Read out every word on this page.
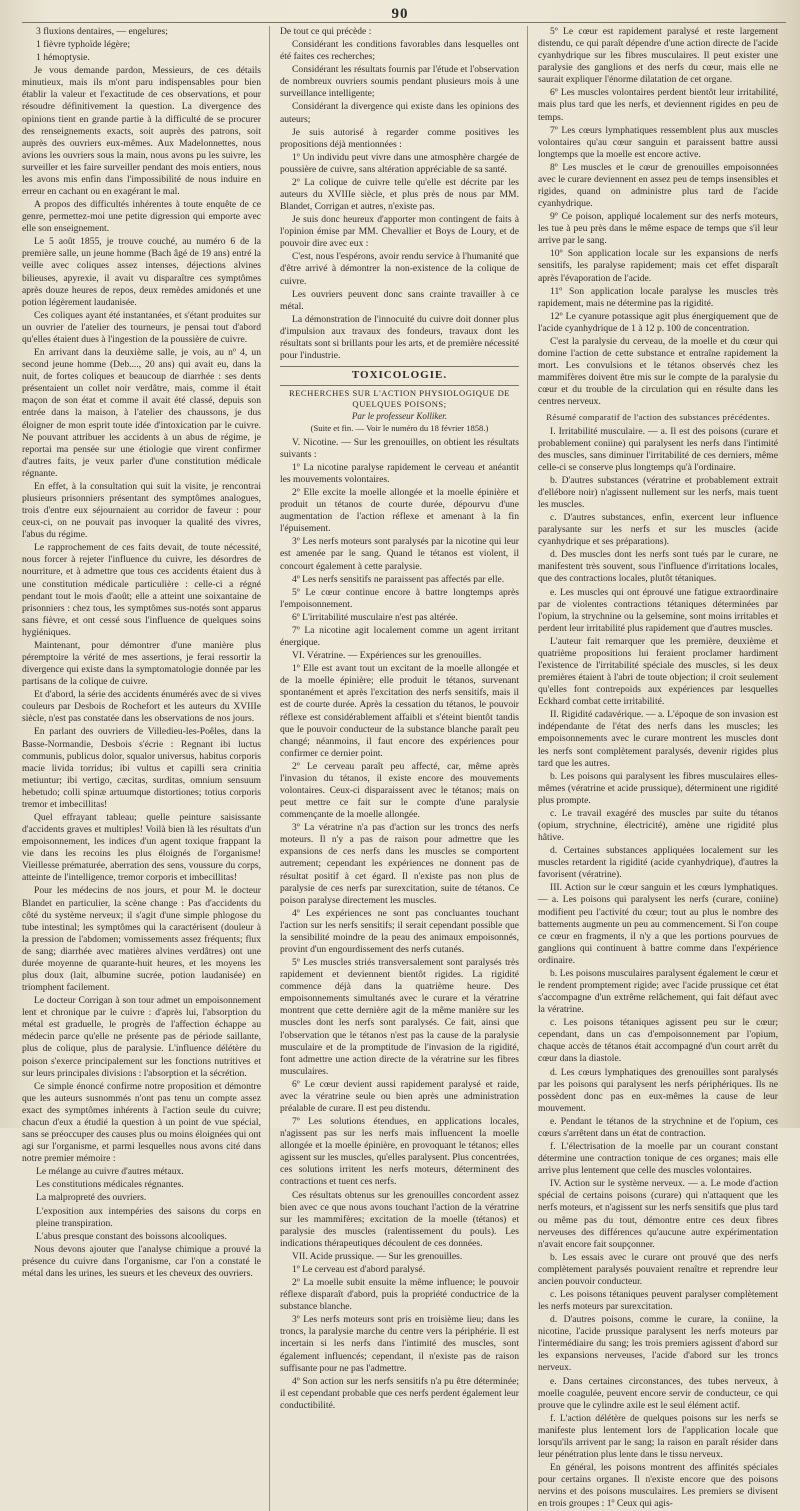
90

3 fluxions dentaires, — engelures;

1 fièvre typhoïde légère;

1 hémoptysie.

Je vous demande pardon, Messieurs, de ces détails minutieux, mais ils m'ont paru indispensables pour bien établir la valeur et l'exactitude de ces observations, et pour résoudre définitivement la question. La divergence des opinions tient en grande partie à la difficulté de se procurer des renseignements exacts, soit auprès des patrons, soit auprès des ouvriers eux-mêmes. Aux Madelonnettes, nous avions les ouvriers sous la main, nous avons pu les suivre, les surveiller et les faire surveiller pendant des mois entiers, nous les avons mis enfin dans l'impossibilité de nous induire en erreur en cachant ou en exagérant le mal.

A propos des difficultés inhérentes à toute enquête de ce genre, permettez-moi une petite digression qui emporte avec elle son enseignement.

Le 5 août 1855, je trouve couché, au numéro 6 de la première salle, un jeune homme (Bach âgé de 19 ans) entré la veille avec coliques assez intenses, déjections alvines bilieuses, apyrexie, il avait vu disparaître ces symptômes après douze heures de repos, deux remèdes amidonés et une potion légèrement laudanisée.

Ces coliques ayant été instantanées, et s'étant produites sur un ouvrier de l'atelier des tourneurs, je pensai tout d'abord qu'elles étaient dues à l'ingestion de la poussière de cuivre.

En arrivant dans la deuxième salle, je vois, au nº 4, un second jeune homme (Deb...., 20 ans) qui avait eu, dans la nuit, de fortes coliques et beaucoup de diarrhée : ses dents présentaient un collet noir verdâtre, mais, comme il était maçon de son état et comme il avait été classé, depuis son entrée dans la maison, à l'atelier des chaussons, je dus éloigner de mon esprit toute idée d'intoxication par le cuivre. Ne pouvant attribuer les accidents à un abus de régime, je reportai ma pensée sur une étiologie que virent confirmer d'autres faits, je veux parler d'une constitution médicale régnante.

En effet, à la consultation qui suit la visite, je rencontrai plusieurs prisonniers présentant des symptômes analogues, trois d'entre eux séjournaient au corridor de faveur : pour ceux-ci, on ne pouvait pas invoquer la qualité des vivres, l'abus du régime.

Le rapprochement de ces faits devait, de toute nécessité, nous forcer à rejeter l'influence du cuivre, les désordres de nourriture, et à admettre que tous ces accidents étaient dus à une constitution médicale particulière : celle-ci a régné pendant tout le mois d'août; elle a atteint une soixantaine de prisonniers : chez tous, les symptômes sus-notés sont apparus sans fièvre, et ont cessé sous l'influence de quelques soins hygiéniques.

Maintenant, pour démontrer d'une manière plus péremptoire la vérité de mes assertions, je ferai ressortir la divergence qui existe dans la symptomatologie donnée par les partisans de la colique de cuivre.

Et d'abord, la série des accidents énumérés avec de si vives couleurs par Desbois de Rochefort et les auteurs du XVIIIe siècle, n'est pas constatée dans les observations de nos jours.

En parlant des ouvriers de Villedieu-les-Poêles, dans la Basse-Normandie, Desbois s'écrie : Regnant ibi luctus communis, publicus dolor, squalor universus, habitus corporis macie livida torridus; ibi vultus et capilli sera crinitia metiuntur; ibi vertigo, cæcitas, surditas, omnium sensuum hebetudo; colli spinæ artuumque distortiones; totius corporis tremor et imbecillitas!

Quel effrayant tableau; quelle peinture saisissante d'accidents graves et multiples! Voilà bien là les résultats d'un empoisonnement, les indices d'un agent toxique frappant la vie dans les recoins les plus éloignés de l'organisme! Vieillesse prématurée, aberration des sens, voussure du corps, atteinte de l'intelligence, tremor corporis et imbecillitas!

Pour les médecins de nos jours, et pour M. le docteur Blandet en particulier, la scène change : Pas d'accidents du côté du système nerveux; il s'agit d'une simple phlogose du tube intestinal; les symptômes qui la caractérisent (douleur à la pression de l'abdomen; vomissements assez fréquents; flux de sang; diarrhée avec matières alvines verdâtres) ont une durée moyenne de quarante-huit heures, et les moyens les plus doux (lait, albumine sucrée, potion laudanisée) en triomphent facilement.

Le docteur Corrigan à son tour admet un empoisonnement lent et chronique par le cuivre : d'après lui, l'absorption du métal est graduelle, le progrès de l'affection échappe au médecin parce qu'elle ne présente pas de période saillante, plus de colique, plus de paralysie. L'influence délétère du poison s'exerce principalement sur les fonctions nutritives et sur leurs principales divisions : l'absorption et la sécrétion.

Ce simple énoncé confirme notre proposition et démontre que les auteurs susnommés n'ont pas tenu un compte assez exact des symptômes inhérents à l'action seule du cuivre; chacun d'eux a étudié la question à un point de vue spécial, sans se préoccuper des causes plus ou moins éloignées qui ont agi sur l'organisme, et parmi lesquelles nous avons cité dans notre premier mémoire :

Le mélange au cuivre d'autres métaux.

Les constitutions médicales régnantes.

La malpropreté des ouvriers.

L'exposition aux intempéries des saisons du corps en pleine transpiration.

L'abus presque constant des boissons alcooliques.

Nous devons ajouter que l'analyse chimique a prouvé la présence du cuivre dans l'organisme, car l'on a constaté le métal dans les urines, les sueurs et les cheveux des ouvriers.

De tout ce qui précède :

Considérant les conditions favorables dans lesquelles ont été faites ces recherches;

Considérant les résultats fournis par l'étude et l'observation de nombreux ouvriers soumis pendant plusieurs mois à une surveillance intelligente;

Considérant la divergence qui existe dans les opinions des auteurs;

Je suis autorisé à regarder comme positives les propositions déjà mentionnées :

1º Un individu peut vivre dans une atmosphère chargée de poussière de cuivre, sans altération appréciable de sa santé.

2º La colique de cuivre telle qu'elle est décrite par les auteurs du XVIIIe siècle, et plus près de nous par MM. Blandet, Corrigan et autres, n'existe pas.

Je suis donc heureux d'apporter mon contingent de faits à l'opinion émise par MM. Chevallier et Boys de Loury, et de pouvoir dire avec eux :

C'est, nous l'espérons, avoir rendu service à l'humanité que d'être arrivé à démontrer la non-existence de la colique de cuivre.

Les ouvriers peuvent donc sans crainte travailler à ce métal.

La démonstration de l'innocuité du cuivre doit donner plus d'impulsion aux travaux des fondeurs, travaux dont les résultats sont si brillants pour les arts, et de première nécessité pour l'industrie.

TOXICOLOGIE.
RECHERCHES SUR L'ACTION PHYSIOLOGIQUE DE QUELQUES POISONS;
Par le professeur Kolliker.
(Suite et fin. — Voir le numéro du 18 février 1858.)

V. Nicotine. — Sur les grenouilles, on obtient les résultats suivants :

1º La nicotine paralyse rapidement le cerveau et anéantit les mouvements volontaires.

2º Elle excite la moelle allongée et la moelle épinière et produit un tétanos de courte durée, dépourvu d'une augmentation de l'action réflexe et amenant à la fin l'épuisement.

3º Les nerfs moteurs sont paralysés par la nicotine qui leur est amenée par le sang. Quand le tétanos est violent, il concourt également à cette paralysie.

4º Les nerfs sensitifs ne paraissent pas affectés par elle.

5º Le cœur continue encore à battre longtemps après l'empoisonnement.

6º L'irritabilité musculaire n'est pas altérée.

7º La nicotine agit localement comme un agent irritant énergique.

VI. Vératrine. — Expériences sur les grenouilles.

1º Elle est avant tout un excitant de la moelle allongée et de la moelle épinière; elle produit le tétanos, survenant spontanément et après l'excitation des nerfs sensitifs, mais il est de courte durée. Après la cessation du tétanos, le pouvoir réflexe est considérablement affaibli et s'éteint bientôt tandis que le pouvoir conducteur de la substance blanche paraît peu changé; néanmoins, il faut encore des expériences pour confirmer ce dernier point.

2º Le cerveau paraît peu affecté, car, même après l'invasion du tétanos, il existe encore des mouvements volontaires. Ceux-ci disparaissent avec le tétanos; mais on peut mettre ce fait sur le compte d'une paralysie commençante de la moelle allongée.

3º La vératrine n'a pas d'action sur les troncs des nerfs moteurs. Il n'y a pas de raison pour admettre que les expansions de ces nerfs dans les muscles se comportent autrement; cependant les expériences ne donnent pas de résultat positif à cet égard. Il n'existe pas non plus de paralysie de ces nerfs par surexcitation, suite de tétanos. Ce poison paralyse directement les muscles.

4º Les expériences ne sont pas concluantes touchant l'action sur les nerfs sensitifs; il serait cependant possible que la sensibilité moindre de la peau des animaux empoisonnés, provint d'un engourdissement des nerfs cutanés.

5º Les muscles striés transversalement sont paralysés très rapidement et deviennent bientôt rigides. La rigidité commence déjà dans la quatrième heure. Des empoisonnements simultanés avec le curare et la vératrine montrent que cette dernière agit de la même manière sur les muscles dont les nerfs sont paralysés. Ce fait, ainsi que l'observation que le tétanos n'est pas la cause de la paralysie musculaire et de la promptitude de l'invasion de la rigidité, font admettre une action directe de la vératrine sur les fibres musculaires.

6º Le cœur devient aussi rapidement paralysé et raide, avec la vératrine seule ou bien après une administration préalable de curare. Il est peu distendu.

7º Les solutions étendues, en applications locales, n'agissent pas sur les nerfs mais influencent la moelle allongée et la moelle épinière, en provoquant le tétanos; elles agissent sur les muscles, qu'elles paralysent. Plus concentrées, ces solutions irritent les nerfs moteurs, déterminent des contractions et tuent ces nerfs.

Ces résultats obtenus sur les grenouilles concordent assez bien avec ce que nous avons touchant l'action de la vératrine sur les mammifères; excitation de la moelle (tétanos) et paralysie des muscles (ralentissement du pouls). Les indications thérapeutiques découlent de ces données.

VII. Acide prussique. — Sur les grenouilles.

1º Le cerveau est d'abord paralysé.

2º La moelle subit ensuite la même influence; le pouvoir réflexe disparaît d'abord, puis la propriété conductrice de la substance blanche.

3º Les nerfs moteurs sont pris en troisième lieu; dans les troncs, la paralysie marche du centre vers la périphérie. Il est incertain si les nerfs dans l'intimité des muscles, sont également influencés; cependant, il n'existe pas de raison suffisante pour ne pas l'admettre.

4º Son action sur les nerfs sensitifs n'a pu être déterminée; il est cependant probable que ces nerfs perdent également leur conductibilité.

5º Le cœur est rapidement paralysé et reste largement distendu, ce qui paraît dépendre d'une action directe de l'acide cyanhydrique sur les fibres musculaires. Il peut exister une paralysie des ganglions et des nerfs du cœur, mais elle ne saurait expliquer l'énorme dilatation de cet organe.

6º Les muscles volontaires perdent bientôt leur irritabilité, mais plus tard que les nerfs, et deviennent rigides en peu de temps.

7º Les cœurs lymphatiques ressemblent plus aux muscles volontaires qu'au cœur sanguin et paraissent battre aussi longtemps que la moelle est encore active.

8º Les muscles et le cœur de grenouilles empoisonnées avec le curare deviennent en assez peu de temps insensibles et rigides, quand on administre plus tard de l'acide cyanhydrique.

9º Ce poison, appliqué localement sur des nerfs moteurs, les tue à peu près dans le même espace de temps que s'il leur arrive par le sang.

10º Son application locale sur les expansions de nerfs sensitifs, les paralyse rapidement; mais cet effet disparaît après l'évaporation de l'acide.

11º Son application locale paralyse les muscles très rapidement, mais ne détermine pas la rigidité.

12º Le cyanure potassique agit plus énergiquement que de l'acide cyanhydrique de 1 à 12 p. 100 de concentration.

C'est la paralysie du cerveau, de la moelle et du cœur qui domine l'action de cette substance et entraîne rapidement la mort. Les convulsions et le tétanos observés chez les mammifères doivent être mis sur le compte de la paralysie du cœur et du trouble de la circulation qui en résulte dans les centres nerveux.

Résumé comparatif de l'action des substances précédentes.

I. Irritabilité musculaire. — a. Il est des poisons (curare et probablement coniine) qui paralysent les nerfs dans l'intimité des muscles, sans diminuer l'irritabilité de ces derniers, même celle-ci se conserve plus longtemps qu'à l'ordinaire.

b. D'autres substances (vératrine et probablement extrait d'ellébore noir) n'agissent nullement sur les nerfs, mais tuent les muscles.

c. D'autres substances, enfin, exercent leur influence paralysante sur les nerfs et sur les muscles (acide cyanhydrique et ses préparations).

d. Des muscles dont les nerfs sont tués par le curare, ne manifestent très souvent, sous l'influence d'irritations locales, que des contractions locales, plutôt tétaniques.

e. Les muscles qui ont éprouvé une fatigue extraordinaire par de violentes contractions tétaniques déterminées par l'opium, la strychnine ou la gelsemine, sont moins irritables et perdent leur irritabilité plus rapidement que d'autres muscles.

L'auteur fait remarquer que les première, deuxième et quatrième propositions lui feraient proclamer hardiment l'existence de l'irritabilité spéciale des muscles, si les deux premières étaient à l'abri de toute objection; il croit seulement qu'elles font contrepoids aux expériences par lesquelles Eckhard combat cette irritabilité.

II. Rigidité cadavérique. — a. L'époque de son invasion est indépendante de l'état des nerfs dans les muscles; les empoisonnements avec le curare montrent les muscles dont les nerfs sont complètement paralysés, devenir rigides plus tard que les autres.

b. Les poisons qui paralysent les fibres musculaires elles-mêmes (vératrine et acide prussique), déterminent une rigidité plus prompte.

c. Le travail exagéré des muscles par suite du tétanos (opium, strychnine, électricité), amène une rigidité plus hâtive.

d. Certaines substances appliquées localement sur les muscles retardent la rigidité (acide cyanhydrique), d'autres la favorisent (vératrine).

III. Action sur le cœur sanguin et les cœurs lymphatiques. — a. Les poisons qui paralysent les nerfs (curare, coniine) modifient peu l'activité du cœur; tout au plus le nombre des battements augmente un peu au commencement. Si l'on coupe ce cœur en fragments, il n'y a que les portions pourvues de ganglions qui continuent à battre comme dans l'expérience ordinaire.

b. Les poisons musculaires paralysent également le cœur et le rendent promptement rigide; avec l'acide prussique cet état s'accompagne d'un extrême relâchement, qui fait défaut avec la vératrine.

c. Les poisons tétaniques agissent peu sur le cœur; cependant, dans un cas d'empoisonnement par l'opium, chaque accès de tétanos était accompagné d'un court arrêt du cœur dans la diastole.

d. Les cœurs lymphatiques des grenouilles sont paralysés par les poisons qui paralysent les nerfs périphériques. Ils ne possèdent donc pas en eux-mêmes la cause de leur mouvement.

e. Pendant le tétanos de la strychnine et de l'opium, ces cœurs s'arrêtent dans un état de contraction.

f. L'électrisation de la moelle par un courant constant détermine une contraction tonique de ces organes; mais elle arrive plus lentement que celle des muscles volontaires.

IV. Action sur le système nerveux. — a. Le mode d'action spécial de certains poisons (curare) qui n'attaquent que les nerfs moteurs, et n'agissent sur les nerfs sensitifs que plus tard ou même pas du tout, démontre entre ces deux fibres nerveuses des différences qu'aucune autre expérimentation n'avait encore fait soupçonner.

b. Les essais avec le curare ont prouvé que des nerfs complètement paralysés pouvaient renaître et reprendre leur ancien pouvoir conducteur.

c. Les poisons tétaniques peuvent paralyser complètement les nerfs moteurs par surexcitation.

d. D'autres poisons, comme le curare, la coniine, la nicotine, l'acide prussique paralysent les nerfs moteurs par l'intermédiaire du sang; les trois premiers agissent d'abord sur les expansions nerveuses, l'acide d'abord sur les troncs nerveux.

e. Dans certaines circonstances, des tubes nerveux, à moelle coagulée, peuvent encore servir de conducteur, ce qui prouve que le cylindre axile est le seul élément actif.

f. L'action délétère de quelques poisons sur les nerfs se manifeste plus lentement lors de l'application locale que lorsqu'ils arrivent par le sang; la raison en paraît résider dans leur pénétration plus lente dans le tissu nerveux.

En général, les poisons montrent des affinités spéciales pour certains organes. Il n'existe encore que des poisons nervins et des poisons musculaires. Les premiers se divisent en trois groupes : 1º Ceux qui agis-
